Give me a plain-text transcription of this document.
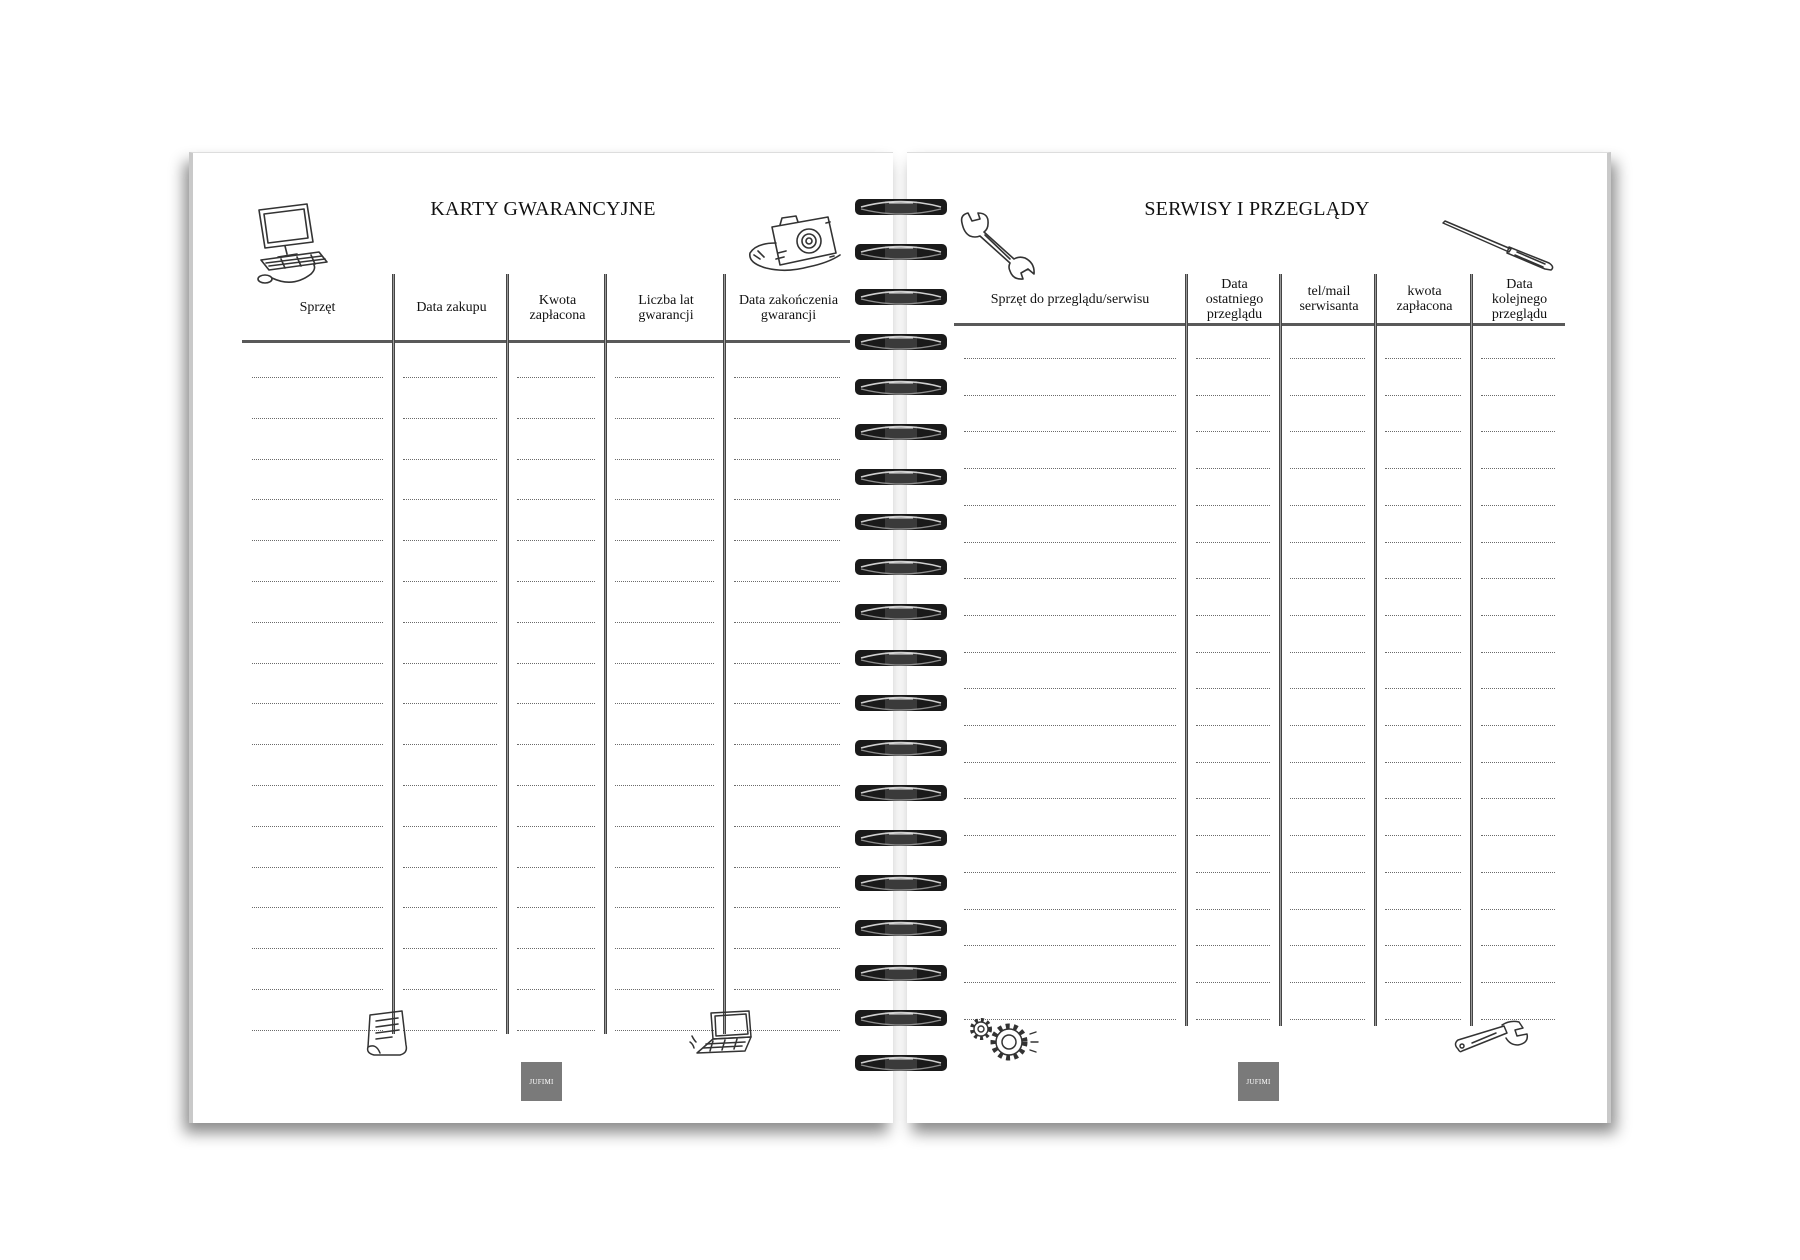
KARTY GWARANCYJNE
Sprzęt	Data zakupu	Kwota zapłacona
Liczba lat gwarancji
Data zakończenia gwarancji
JUFIMI
SERWISY I PRZEGLĄDY
Sprzęt do przeglądu/serwisu
Data ostatniego przeglądu
tel/mail serwisanta
kwota zapłacona
Data kolejnego przeglądu
JUFIMI
